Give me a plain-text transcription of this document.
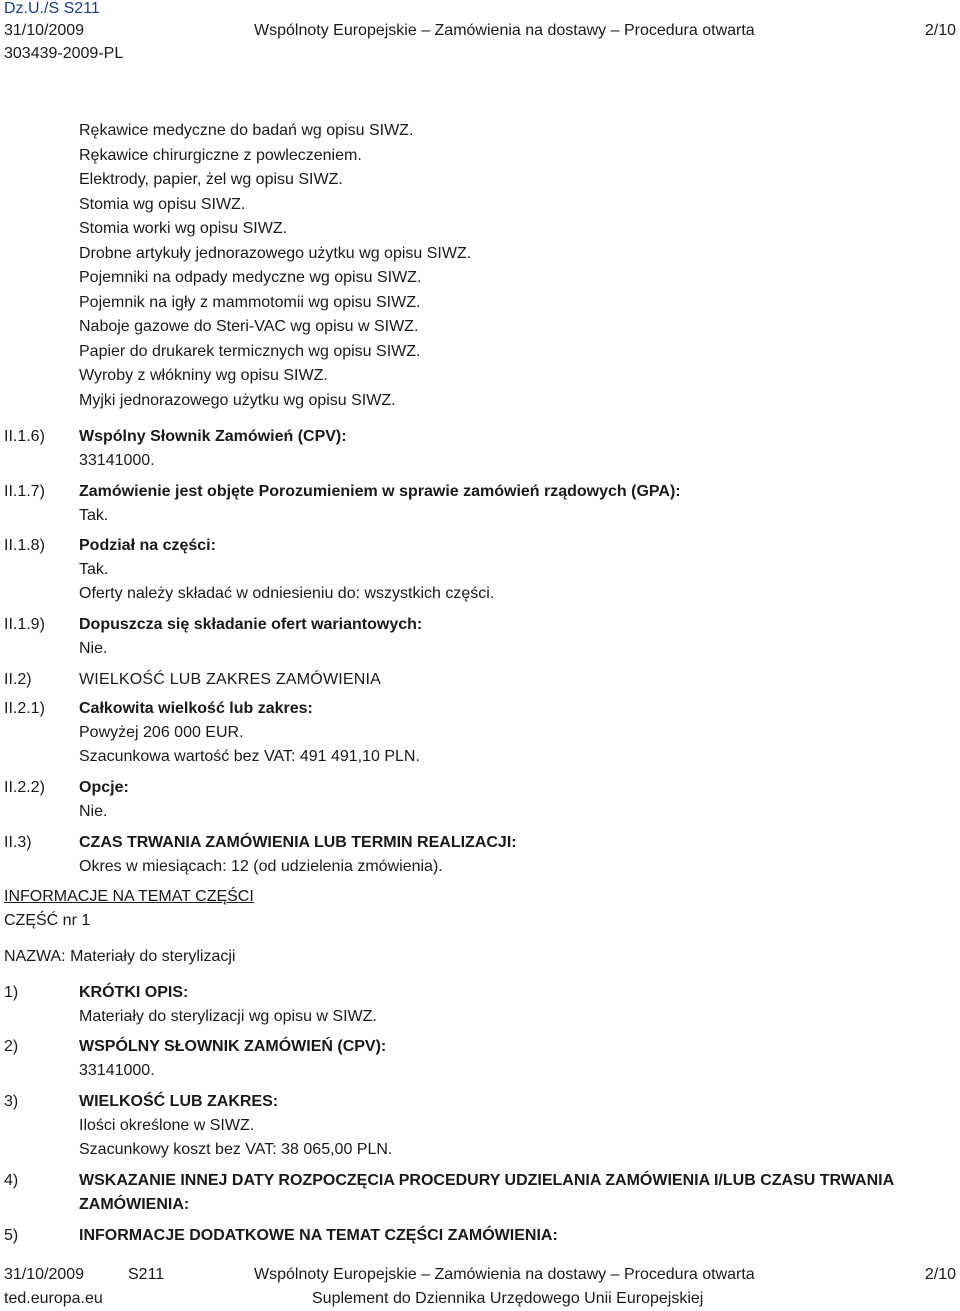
Dz.U./S S211
31/10/2009	Wspólnoty Europejskie – Zamówienia na dostawy – Procedura otwarta	2/10
303439-2009-PL
Rękawice medyczne do badań wg opisu SIWZ.
Rękawice chirurgiczne z powleczeniem.
Elektrody, papier, żel wg opisu SIWZ.
Stomia wg opisu SIWZ.
Stomia worki wg opisu SIWZ.
Drobne artykuły jednorazowego użytku wg opisu SIWZ.
Pojemniki na odpady medyczne wg opisu SIWZ.
Pojemnik na igły z mammotomii wg opisu SIWZ.
Naboje gazowe do Steri-VAC wg opisu w SIWZ.
Papier do drukarek termicznych wg opisu SIWZ.
Wyroby z włókniny wg opisu SIWZ.
Myjki jednorazowego użytku wg opisu SIWZ.
II.1.6) Wspólny Słownik Zamówień (CPV):
33141000.
II.1.7) Zamówienie jest objęte Porozumieniem w sprawie zamówień rządowych (GPA):
Tak.
II.1.8) Podział na części:
Tak.
Oferty należy składać w odniesieniu do: wszystkich części.
II.1.9) Dopuszcza się składanie ofert wariantowych:
Nie.
II.2)	WIELKOŚĆ LUB ZAKRES ZAMÓWIENIA
II.2.1) Całkowita wielkość lub zakres:
Powyżej 206 000 EUR.
Szacunkowa wartość bez VAT: 491 491,10 PLN.
II.2.2) Opcje:
Nie.
II.3)	CZAS TRWANIA ZAMÓWIENIA LUB TERMIN REALIZACJI:
Okres w miesiącach: 12 (od udzielenia zmówienia).
INFORMACJE NA TEMAT CZĘŚCI
CZĘŚĆ nr 1
NAZWA: Materiały do sterylizacji
1)	KRÓTKI OPIS:
Materiały do sterylizacji wg opisu w SIWZ.
2)	WSPÓLNY SŁOWNIK ZAMÓWIEŃ (CPV):
33141000.
3)	WIELKOŚĆ LUB ZAKRES:
Ilości określone w SIWZ.
Szacunkowy koszt bez VAT: 38 065,00 PLN.
4)	WSKAZANIE INNEJ DATY ROZPOCZĘCIA PROCEDURY UDZIELANIA ZAMÓWIENIA I/LUB CZASU TRWANIA ZAMÓWIENIA:
5)	INFORMACJE DODATKOWE NA TEMAT CZĘŚCI ZAMÓWIENIA:
31/10/2009	S211	Wspólnoty Europejskie – Zamówienia na dostawy – Procedura otwarta	2/10
ted.europa.eu	Suplement do Dziennika Urzędowego Unii Europejskiej
